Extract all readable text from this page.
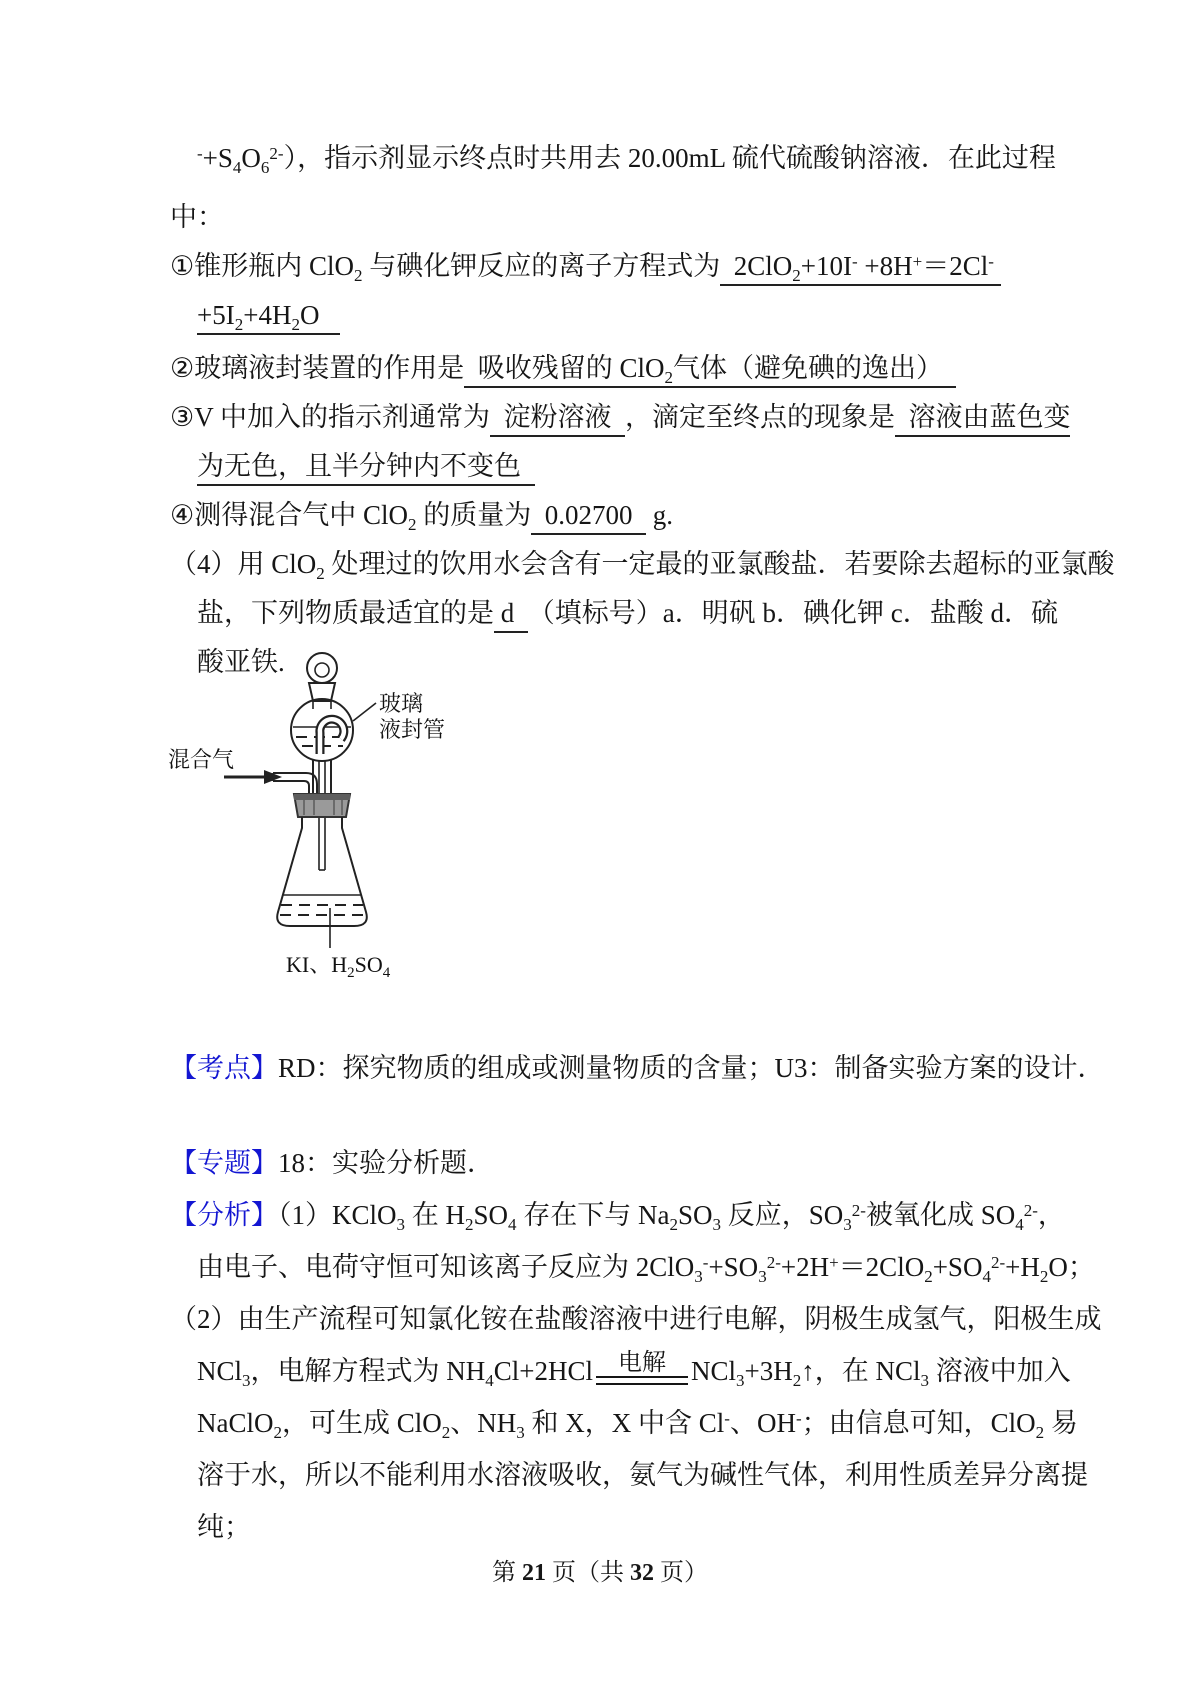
$^-+S_4O_6^{2-}$），指示剂显示终点时共用去 20.00mL 硫代硫酸钠溶液．在此过程
中：
①锥形瓶内 ClO$_2$ 与碘化钾反应的离子方程式为  2ClO$_2$+10I- +8H+＝2Cl-
$+5I_2+4H_2O$
②玻璃液封装置的作用是  吸收残留的 ClO$_2$气体（避免碘的逸出）
③V 中加入的指示剂通常为  淀粉溶液  ，滴定至终点的现象是  溶液由蓝色变
为无色，且半分钟内不变色
④测得混合气中 ClO$_2$ 的质量为  0.02700   g.
（4）用 ClO$_2$ 处理过的饮用水会含有一定最的亚氯酸盐．若要除去超标的亚氯酸
盐，下列物质最适宜的是 d  （填标号）a．明矾 b．碘化钾 c．盐酸 d．硫
酸亚铁.
混合气
KI、$H_2SO_4$
玻璃
液封管
【考点】RD：探究物质的组成或测量物质的含量；U3：制备实验方案的设计．
【专题】18：实验分析题．
【分析】（1）KClO$_3$ 在 $H_2SO_4$ 存在下与 $Na_2SO_3$ 反应，$SO_3^{2-}$被氧化成 $SO_4^{2-}$，
由电子、电荷守恒可知该离子反应为 $2ClO_3^-+SO_3^{2-}+2H^+=2ClO_2+SO_4^{2-}+H_2O$；
（2）由生产流程可知氯化铵在盐酸溶液中进行电解，阴极生成氢气，阳极生成
NCl$_3$，电解方程式为 $NH_4Cl+2HCl$ 电解 $NCl_3+3H_2↑$，在 NCl$_3$ 溶液中加入
NaClO$_2$，可生成 ClO$_2$、$NH_3$ 和 X，X 中含 Cl-、OH-；由信息可知，ClO$_2$ 易
溶于水，所以不能利用水溶液吸收，氨气为碱性气体，利用性质差异分离提
纯；
第 21 页（共 32 页）
